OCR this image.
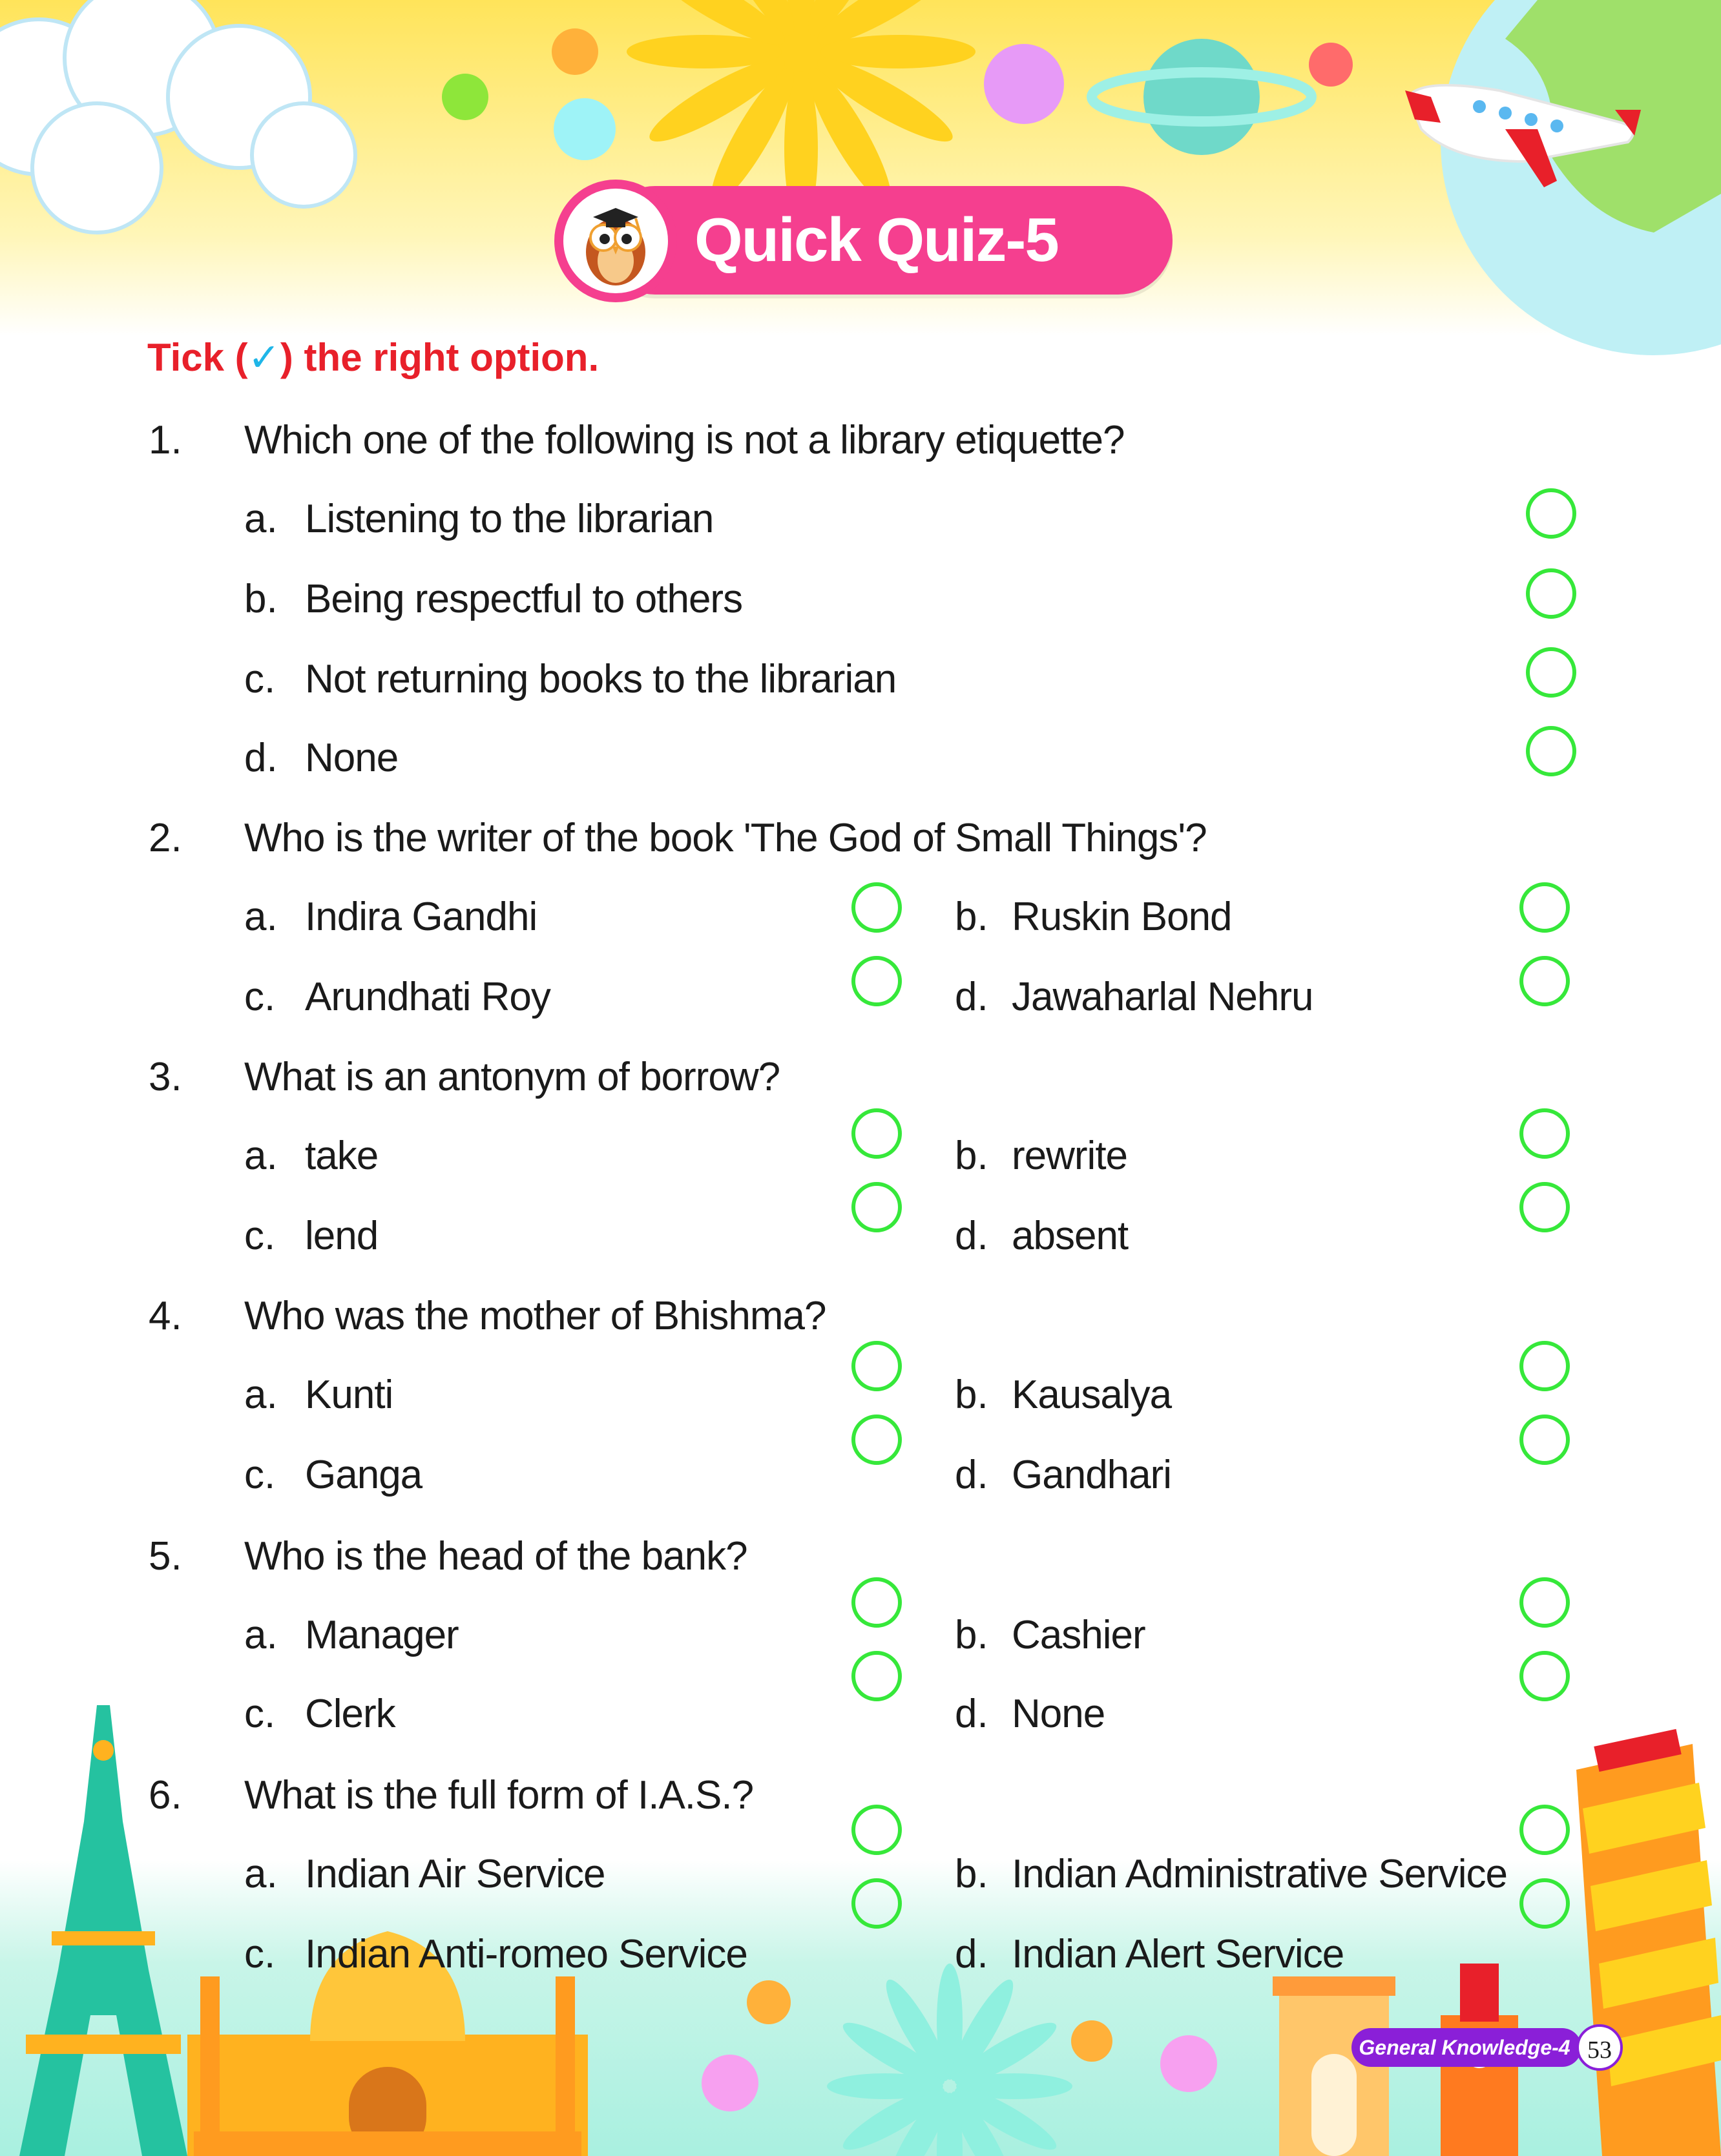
Quick Quiz-5
Tick (✓) the right option.
1. Which one of the following is not a library etiquette?
a. Listening to the librarian
b. Being respectful to others
c. Not returning books to the librarian
d. None
2. Who is the writer of the book 'The God of Small Things'?
a. Indira Gandhi	b. Ruskin Bond
c. Arundhati Roy	d. Jawaharlal Nehru
3. What is an antonym of borrow?
a. take	b. rewrite
c. lend	d. absent
4. Who was the mother of Bhishma?
a. Kunti	b. Kausalya
c. Ganga	d. Gandhari
5. Who is the head of the bank?
a. Manager	b. Cashier
c. Clerk	d. None
6. What is the full form of I.A.S.?
a. Indian Air Service	b. Indian Administrative Service
c. Indian Anti-romeo Service	d. Indian Alert Service
General Knowledge-4 53
